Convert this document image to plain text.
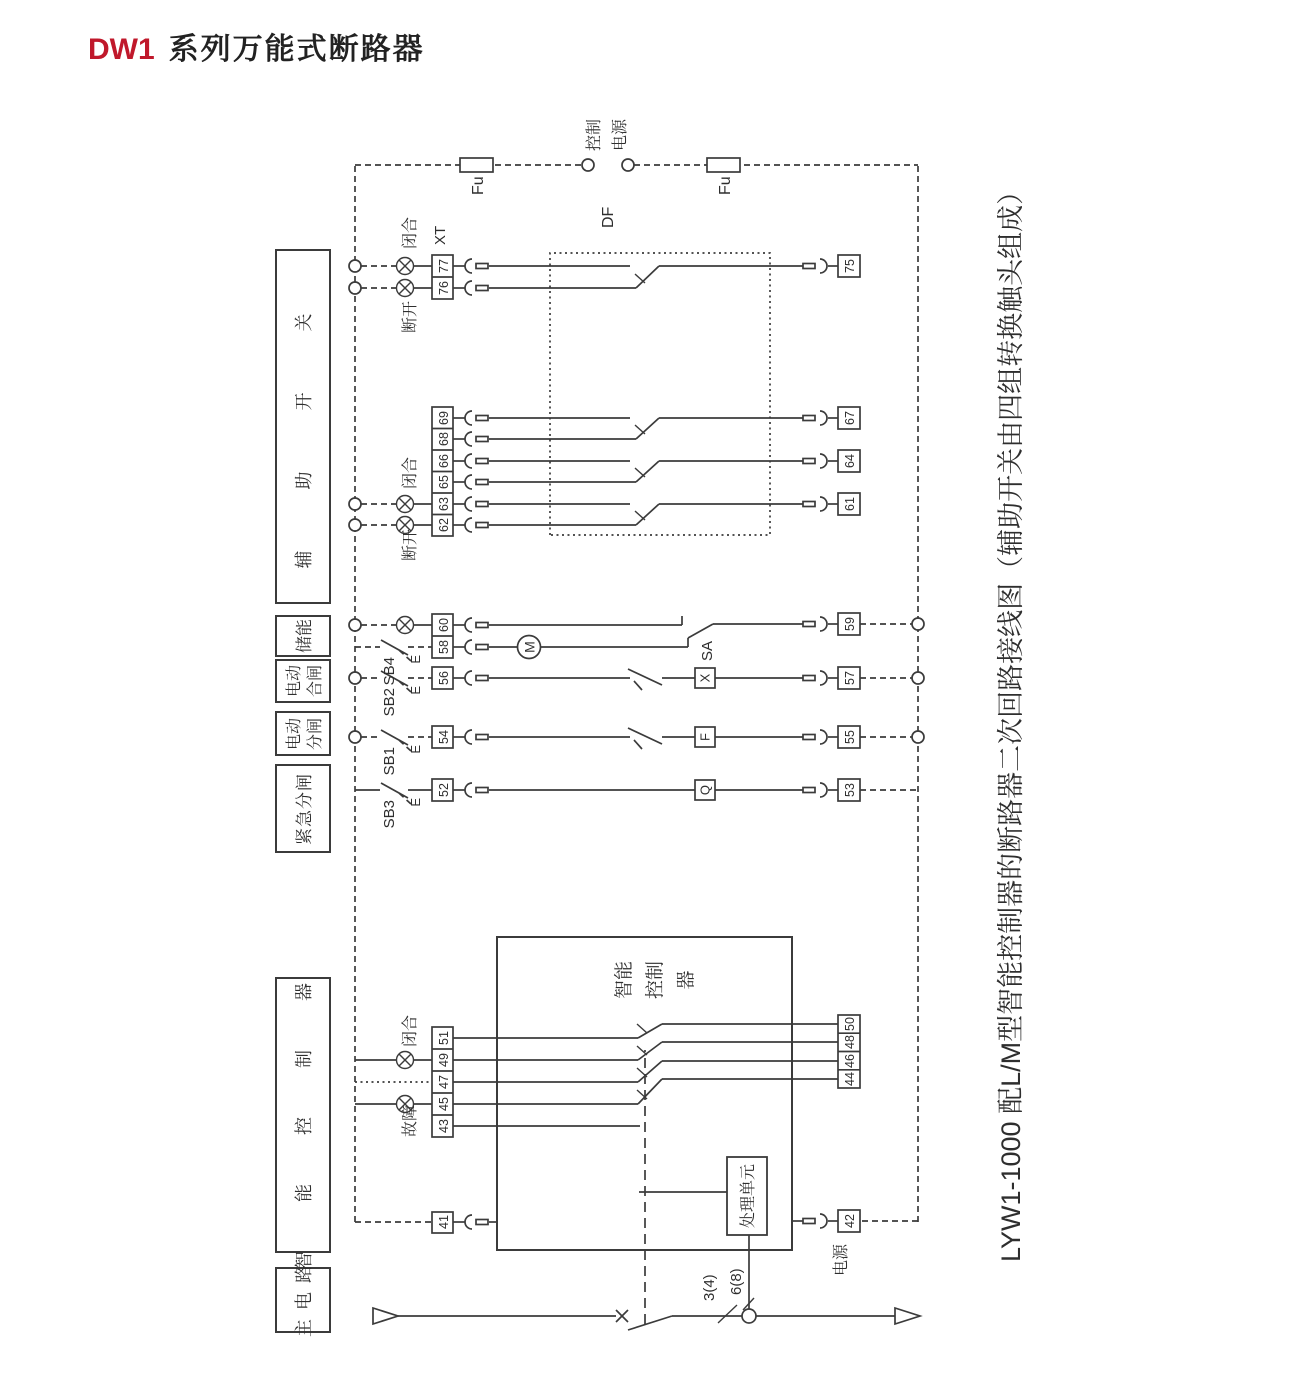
DW1 系列万能式断路器
主 电 路
智 能 控 制 器
紧急分闸
电动 分闸
电动 合闸
储能
辅 助 开 关
Fu	Fu
控制 电源
DF
3(4) 6(8)
智能 控制 器
处理单元
故障
闭合
断开
闭合
断开
闭合
SB3 E
SB1 E
SB2 E
SB4 E
Q
F
X
M	SA
41
43
45
47
49
51
52
54
56
58
60
62
63
65
66
68
69
76
77
XT
42
44
46
48
50
53
55
57
59
61
64
67
75
电源	LYW1-1000 配L/M型智能控制器的断路器二次回路接线图（辅助开关由四组转换触头组成）
